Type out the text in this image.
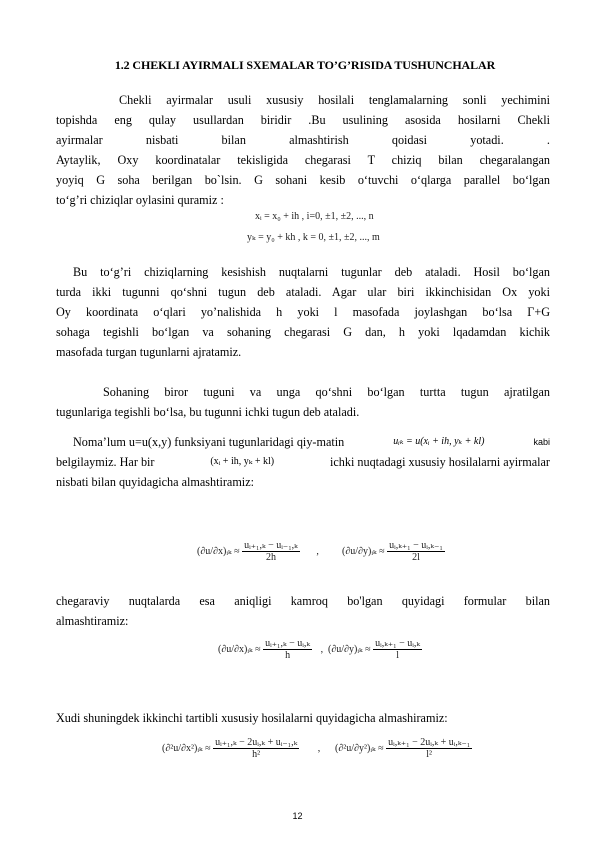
1.2 CHEKLI AYIRMALI SXEMALAR TO’G’RISIDA TUSHUNCHALAR
Chekli ayirmalar usuli xususiy hosilali tenglamalarning sonli yechimini
topishda eng qulay usullardan biridir .Bu usulining asosida hosilarni Chekli
ayirmalar	nisbati	bilan	almashtirish	qoidasi	yotadi.	.
Aytaylik, Oxy koordinatalar tekisligida chegarasi T chiziq bilan chegaralangan
yoyiq G soha berilgan bo`lsin. G sohani kesib o‘tuvchi o‘qlarga parallel bo‘lgan
to‘g’ri chiziqlar oylasini quramiz :
xᵢ = x₀ + ih , i=0, ±1, ±2, ..., n
yₖ = y₀ + kh , k = 0, ±1, ±2, ..., m
Bu to‘g’ri chiziqlarning kesishish nuqtalarni tugunlar deb ataladi. Hosil bo‘lgan
turda ikki tugunni qo‘shni tugun deb ataladi. Agar ular biri ikkinchisidan Ox yoki
Oy koordinata o‘qlari yo’nalishida h yoki l masofada joylashgan bo‘lsa Г+G
sohaga tegishli bo‘lgan va sohaning chegarasi G dan, h yoki lqadamdan kichik
masofada turgan tugunlarni ajratamiz.
Sohaning biror tuguni va unga qo‘shni bo‘lgan turtta tugun ajratilgan
tugunlariga tegishli bo‘lsa, bu tugunni ichki tugun deb ataladi.
Noma’lum u=u(x,y) funksiyani tugunlaridagi qiy-matin	uᵢₖ = u(xᵢ + ih, yₖ + kl)	kabi
belgilaymiz. Har bir	(xᵢ + ih, yₖ + kl)	ichki nuqtadagi xususiy hosilalarni ayirmalar
nisbati bilan quyidagicha almashtiramiz:
(∂u/∂x)ᵢₖ ≈ $\frac{\text{uᵢ₊₁,ₖ − uᵢ₋₁,ₖ}}{2h}$ , (∂u/∂y)ᵢₖ ≈ $\frac{\text{uᵢ,ₖ₊₁ − uᵢ,ₖ₋₁}}{2l}$
chegaraviy nuqtalarda esa aniqligi kamroq bo'lgan quyidagi formular bilan
almashtiramiz:
(∂u/∂x)ᵢₖ ≈ $\frac{\text{uᵢ₊₁,ₖ − uᵢ,ₖ}}{h}$ , (∂u/∂y)ᵢₖ ≈ $\frac{\text{uᵢ,ₖ₊₁ − uᵢ,ₖ}}{l}$
Xudi shuningdek ikkinchi tartibli xususiy hosilalarni quyidagicha almashiramiz:
(∂²u/∂x²)ᵢₖ ≈ $\frac{\text{uᵢ₊₁,ₖ − 2uᵢ,ₖ + uᵢ₋₁,ₖ}}{\text{h²}}$ , (∂²u/∂y²)ᵢₖ ≈ $\frac{\text{uᵢ,ₖ₊₁ − 2uᵢ,ₖ + uᵢ,ₖ₋₁}}{\text{l²}}$
12
